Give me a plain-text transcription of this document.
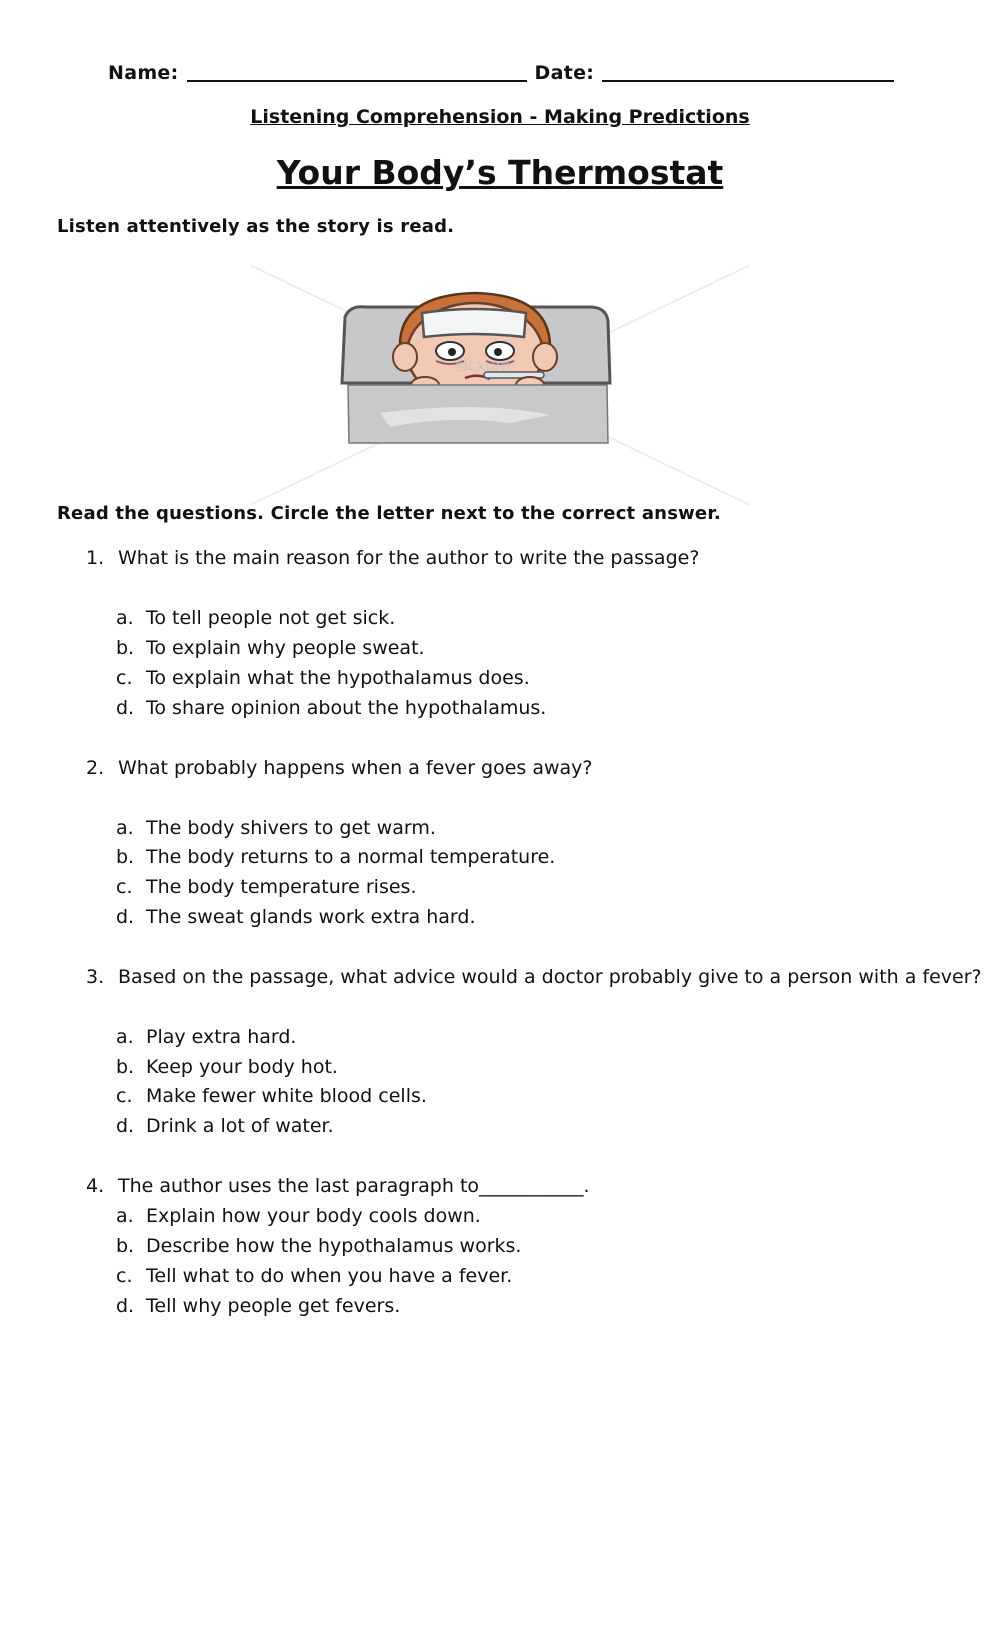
Name:	Date:
Listening Comprehension - Making Predictions
Your Body’s Thermostat
Listen attentively as the story is read.
sickum
Read the questions. Circle the letter next to the correct answer.
1. What is the main reason for the author to write the passage?
a. To tell people not get sick.
b. To explain why people sweat.
c. To explain what the hypothalamus does.
d. To share opinion about the hypothalamus.
2. What probably happens when a fever goes away?
a. The body shivers to get warm.
b. The body returns to a normal temperature.
c. The body temperature rises.
d. The sweat glands work extra hard.
3. Based on the passage, what advice would a doctor probably give to a person with a fever?
a. Play extra hard.
b. Keep your body hot.
c. Make fewer white blood cells.
d. Drink a lot of water.
4. The author uses the last paragraph to___________.
a. Explain how your body cools down.
b. Describe how the hypothalamus works.
c. Tell what to do when you have a fever.
d. Tell why people get fevers.
